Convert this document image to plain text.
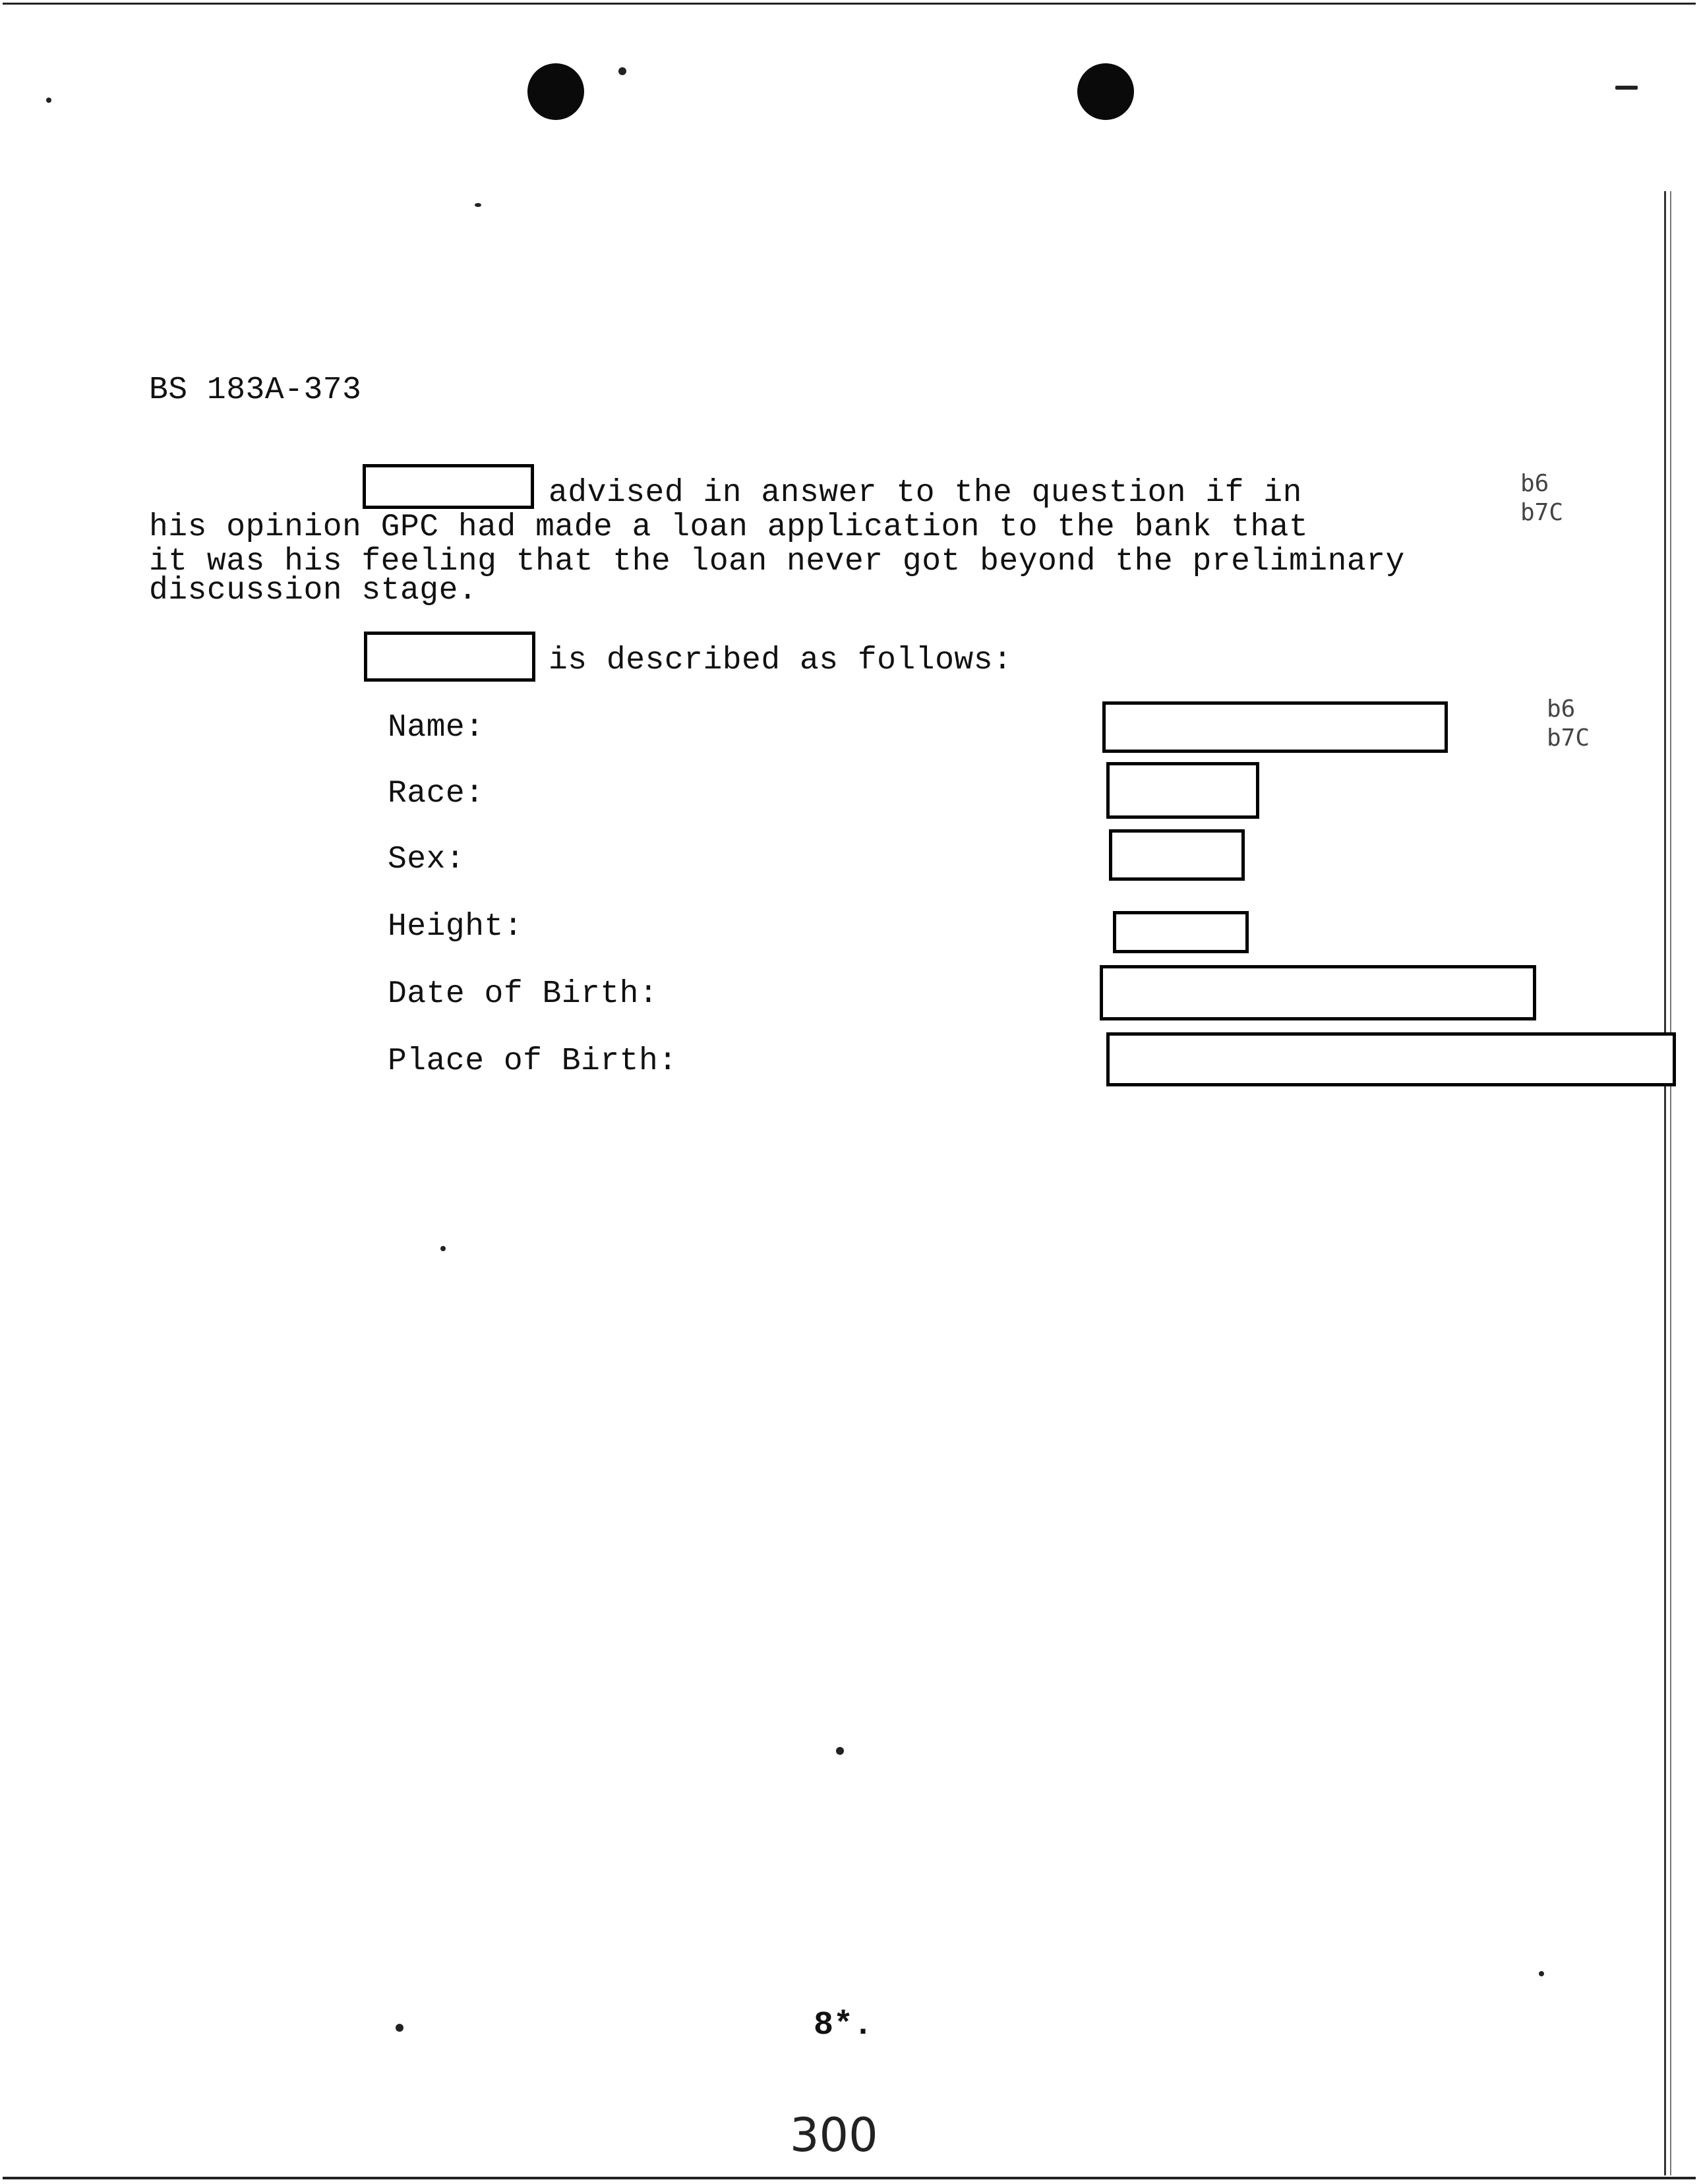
BS 183A-373
advised in answer to the question if in
his opinion GPC had made a loan application to the bank that
it was his feeling that the loan never got beyond the preliminary
discussion stage.
b6
b7C
is described as follows:
b6
b7C
Name:
Race:
Sex:
Height:
Date of Birth:
Place of Birth:
8*.
300
